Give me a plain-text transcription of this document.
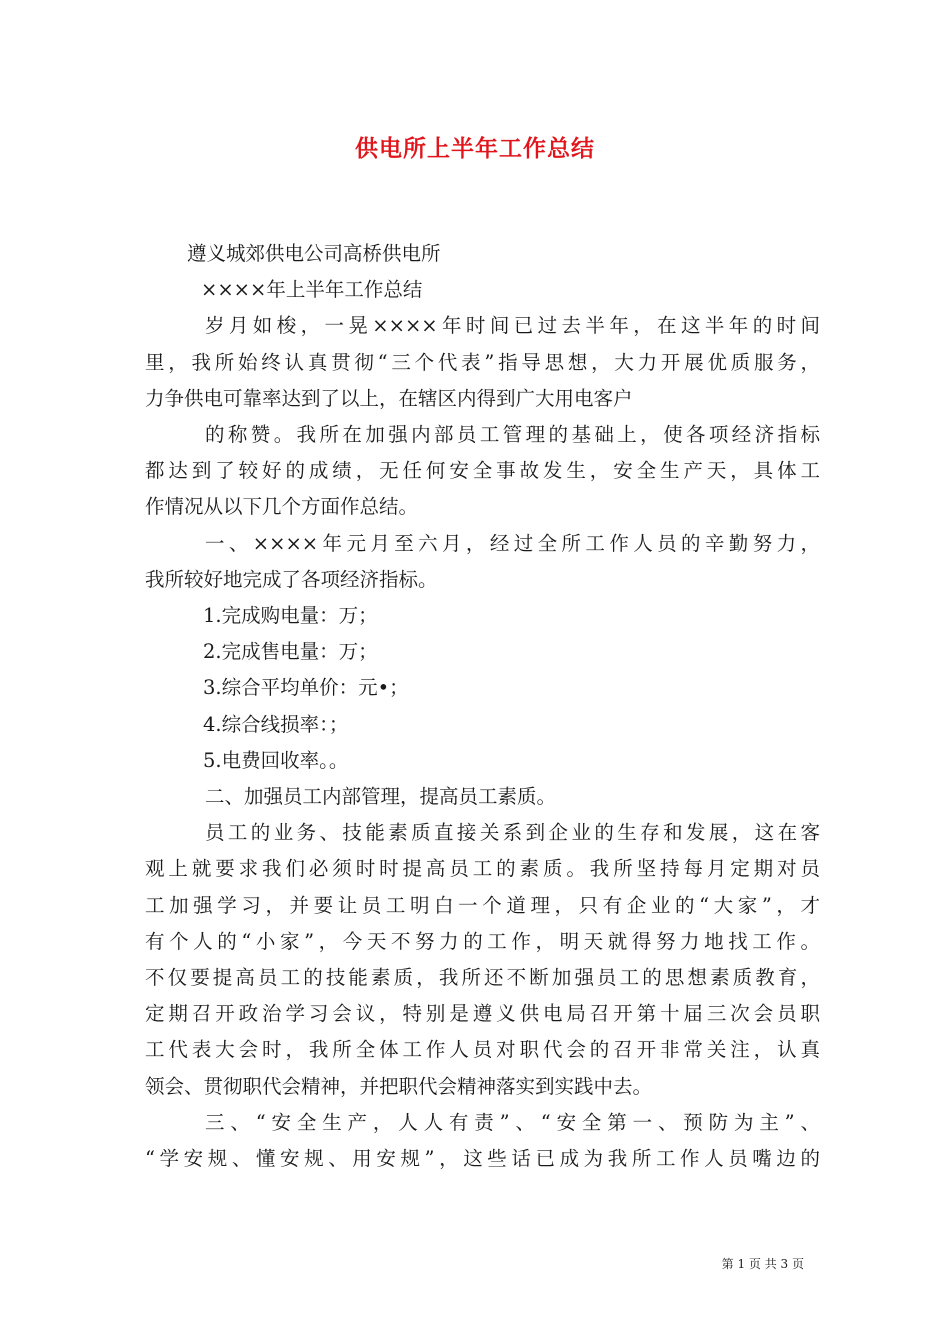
供电所上半年工作总结
遵义城郊供电公司高桥供电所
××××年上半年工作总结
岁月如梭，一晃××××年时间已过去半年，在这半年的时间
里，我所始终认真贯彻“三个代表”指导思想，大力开展优质服务，
力争供电可靠率达到了以上，在辖区内得到广大用电客户
的称赞。我所在加强内部员工管理的基础上，使各项经济指标
都达到了较好的成绩，无任何安全事故发生，安全生产天，具体工
作情况从以下几个方面作总结。
一、××××年元月至六月，经过全所工作人员的辛勤努力，
我所较好地完成了各项经济指标。
1.完成购电量：万；
2.完成售电量：万；
3.综合平均单价：元•；
4.综合线损率：；
5.电费回收率。。
二、加强员工内部管理，提高员工素质。
员工的业务、技能素质直接关系到企业的生存和发展，这在客
观上就要求我们必须时时提高员工的素质。我所坚持每月定期对员
工加强学习，并要让员工明白一个道理，只有企业的“大家”，才
有个人的“小家”，今天不努力的工作，明天就得努力地找工作。
不仅要提高员工的技能素质，我所还不断加强员工的思想素质教育，
定期召开政治学习会议，特别是遵义供电局召开第十届三次会员职
工代表大会时，我所全体工作人员对职代会的召开非常关注，认真
领会、贯彻职代会精神，并把职代会精神落实到实践中去。
三、“安全生产，人人有责”、“安全第一、预防为主”、
“学安规、懂安规、用安规”，这些话已成为我所工作人员嘴边的
第 1 页 共 3 页
